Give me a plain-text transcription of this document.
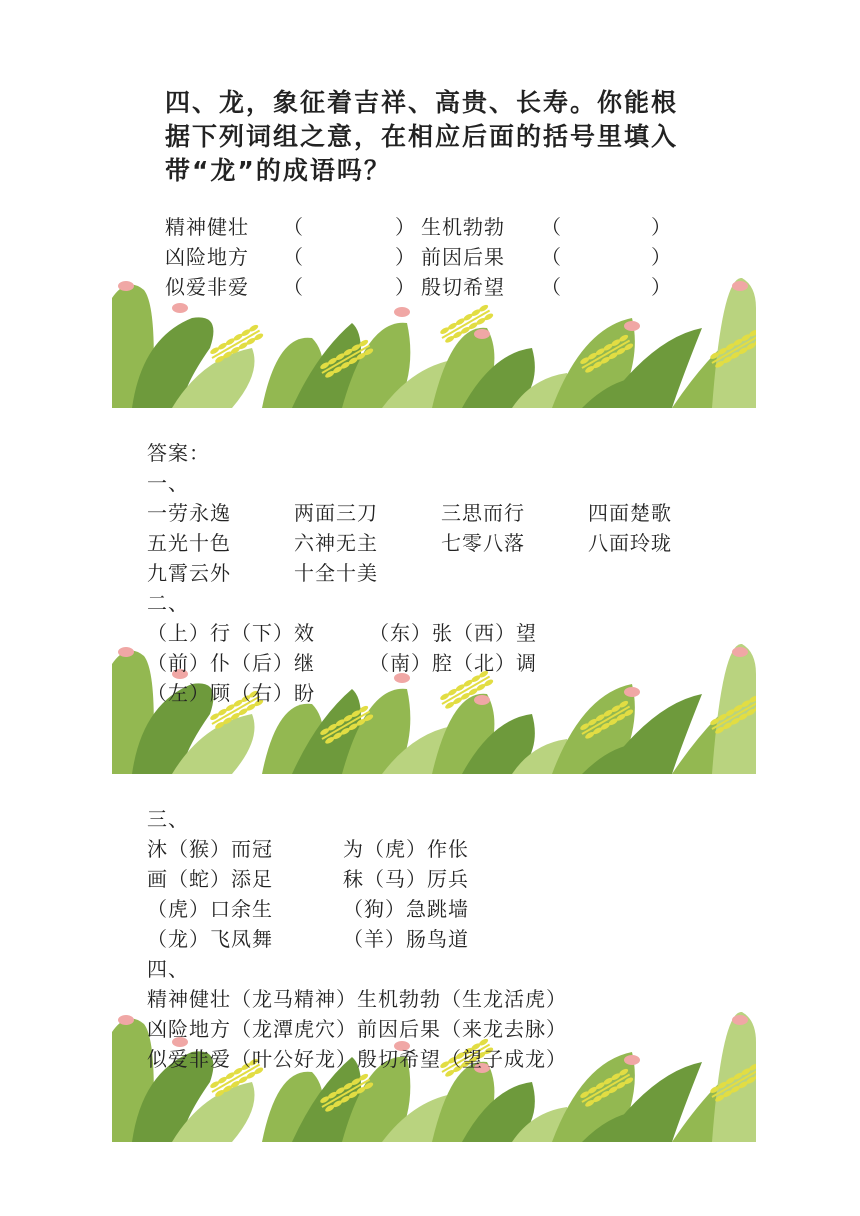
四、龙，象征着吉祥、高贵、长寿。你能根
据下列词组之意，在相应后面的括号里填入
带“龙”的成语吗？
精神健壮 （	） 生机勃勃 （	）
凶险地方 （	） 前因后果 （	）
似爱非爱 （	） 殷切希望 （	）
答案：
一、
一劳永逸	两面三刀	三思而行	四面楚歌
五光十色	六神无主	七零八落	八面玲珑
九霄云外	十全十美
二、
（上）行（下）效	（东）张（西）望
（前）仆（后）继	（南）腔（北）调
（左）顾（右）盼
三、
沐（猴）而冠	为（虎）作伥
画（蛇）添足	秣（马）厉兵
（虎）口余生	（狗）急跳墙
（龙）飞凤舞	（羊）肠鸟道
四、
精神健壮（龙马精神）生机勃勃（生龙活虎）
凶险地方（龙潭虎穴）前因后果（来龙去脉）
似爱非爱（叶公好龙）殷切希望（望子成龙）
